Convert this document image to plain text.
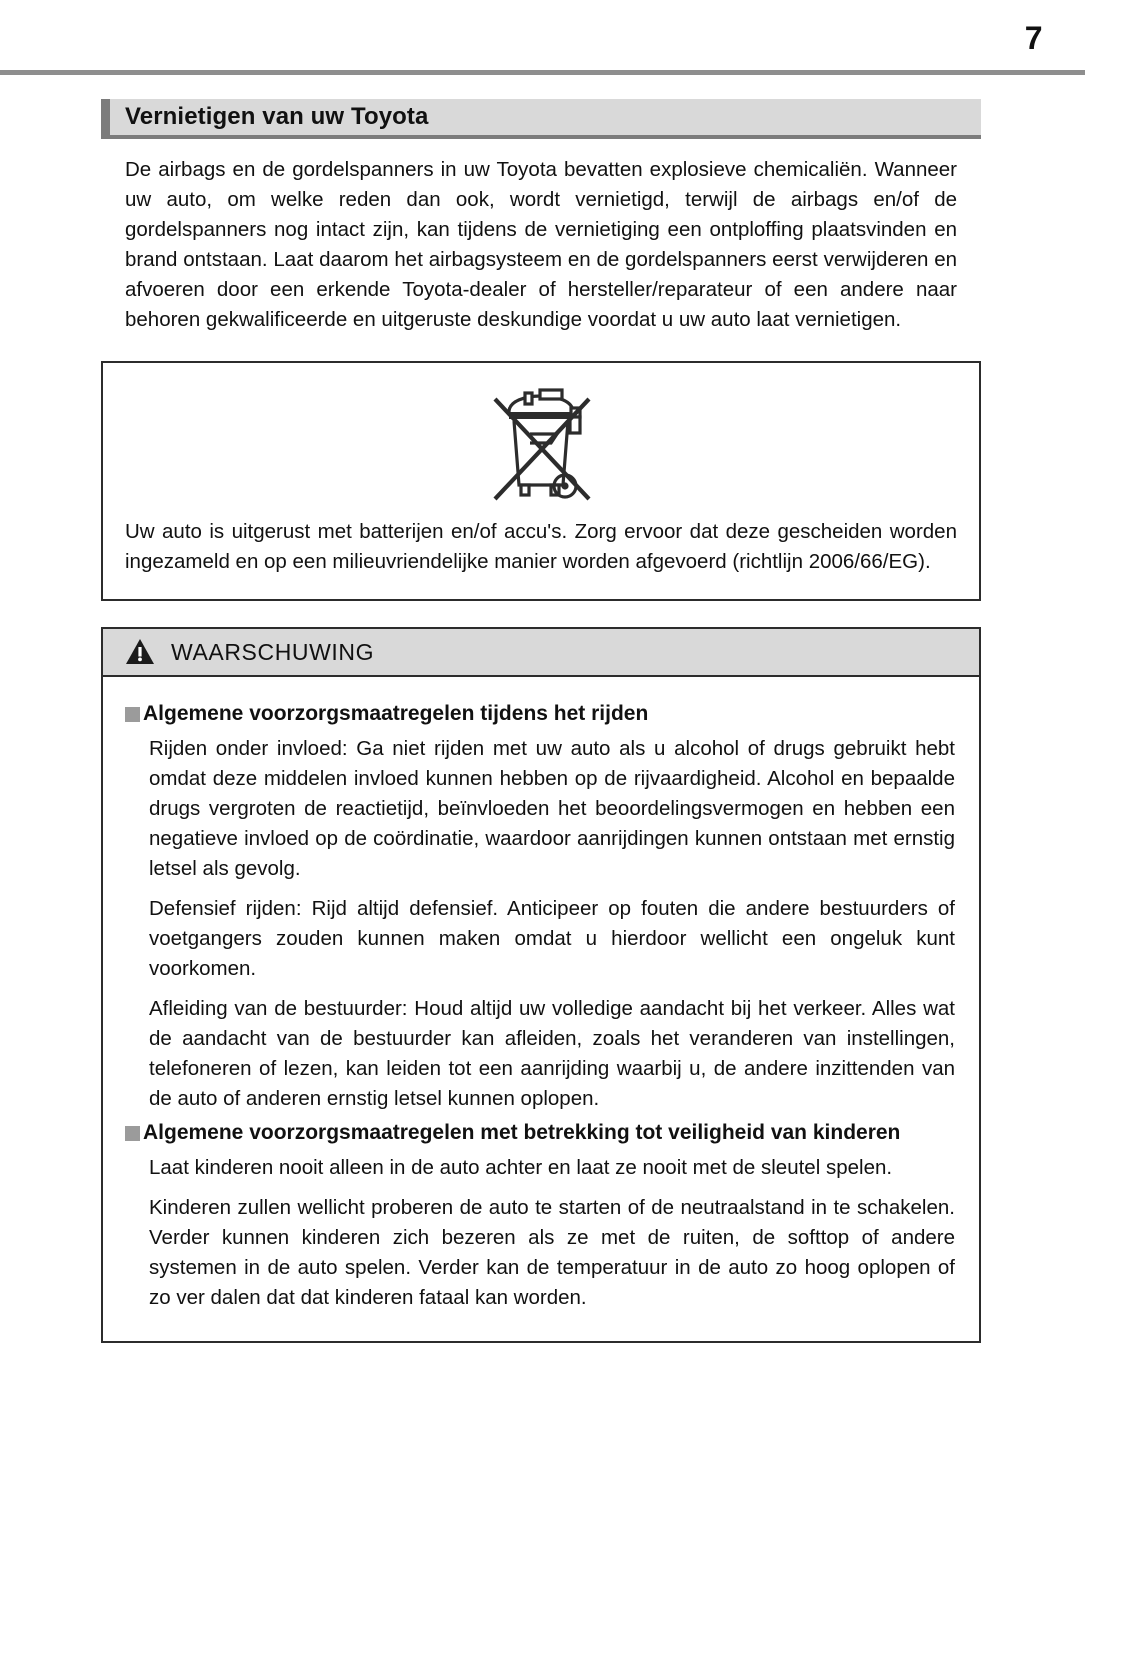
7
Vernietigen van uw Toyota

De airbags en de gordelspanners in uw Toyota bevatten explosieve chemicaliën. Wanneer uw auto, om welke reden dan ook, wordt vernietigd, terwijl de airbags en/of de gordelspanners nog intact zijn, kan tijdens de vernietiging een ontploffing plaatsvinden en brand ontstaan. Laat daarom het airbagsysteem en de gordelspanners eerst verwijderen en afvoeren door een erkende Toyota-dealer of hersteller/reparateur of een andere naar behoren gekwalificeerde en uitgeruste deskundige voordat u uw auto laat vernietigen.

Uw auto is uitgerust met batterijen en/of accu's. Zorg ervoor dat deze gescheiden worden ingezameld en op een milieuvriendelijke manier worden afgevoerd (richtlijn 2006/66/EG).

WAARSCHUWING
Algemene voorzorgsmaatregelen tijdens het rijden

Rijden onder invloed: Ga niet rijden met uw auto als u alcohol of drugs gebruikt hebt omdat deze middelen invloed kunnen hebben op de rijvaardigheid. Alcohol en bepaalde drugs vergroten de reactietijd, beïnvloeden het beoordelingsvermogen en hebben een negatieve invloed op de coördinatie, waardoor aanrijdingen kunnen ontstaan met ernstig letsel als gevolg.

Defensief rijden: Rijd altijd defensief. Anticipeer op fouten die andere bestuurders of voetgangers zouden kunnen maken omdat u hierdoor wellicht een ongeluk kunt voorkomen.

Afleiding van de bestuurder: Houd altijd uw volledige aandacht bij het verkeer. Alles wat de aandacht van de bestuurder kan afleiden, zoals het veranderen van instellingen, telefoneren of lezen, kan leiden tot een aanrijding waarbij u, de andere inzittenden van de auto of anderen ernstig letsel kunnen oplopen.

Algemene voorzorgsmaatregelen met betrekking tot veiligheid van kinderen

Laat kinderen nooit alleen in de auto achter en laat ze nooit met de sleutel spelen.

Kinderen zullen wellicht proberen de auto te starten of de neutraalstand in te schakelen. Verder kunnen kinderen zich bezeren als ze met de ruiten, de softtop of andere systemen in de auto spelen. Verder kan de temperatuur in de auto zo hoog oplopen of zo ver dalen dat dat kinderen fataal kan worden.
